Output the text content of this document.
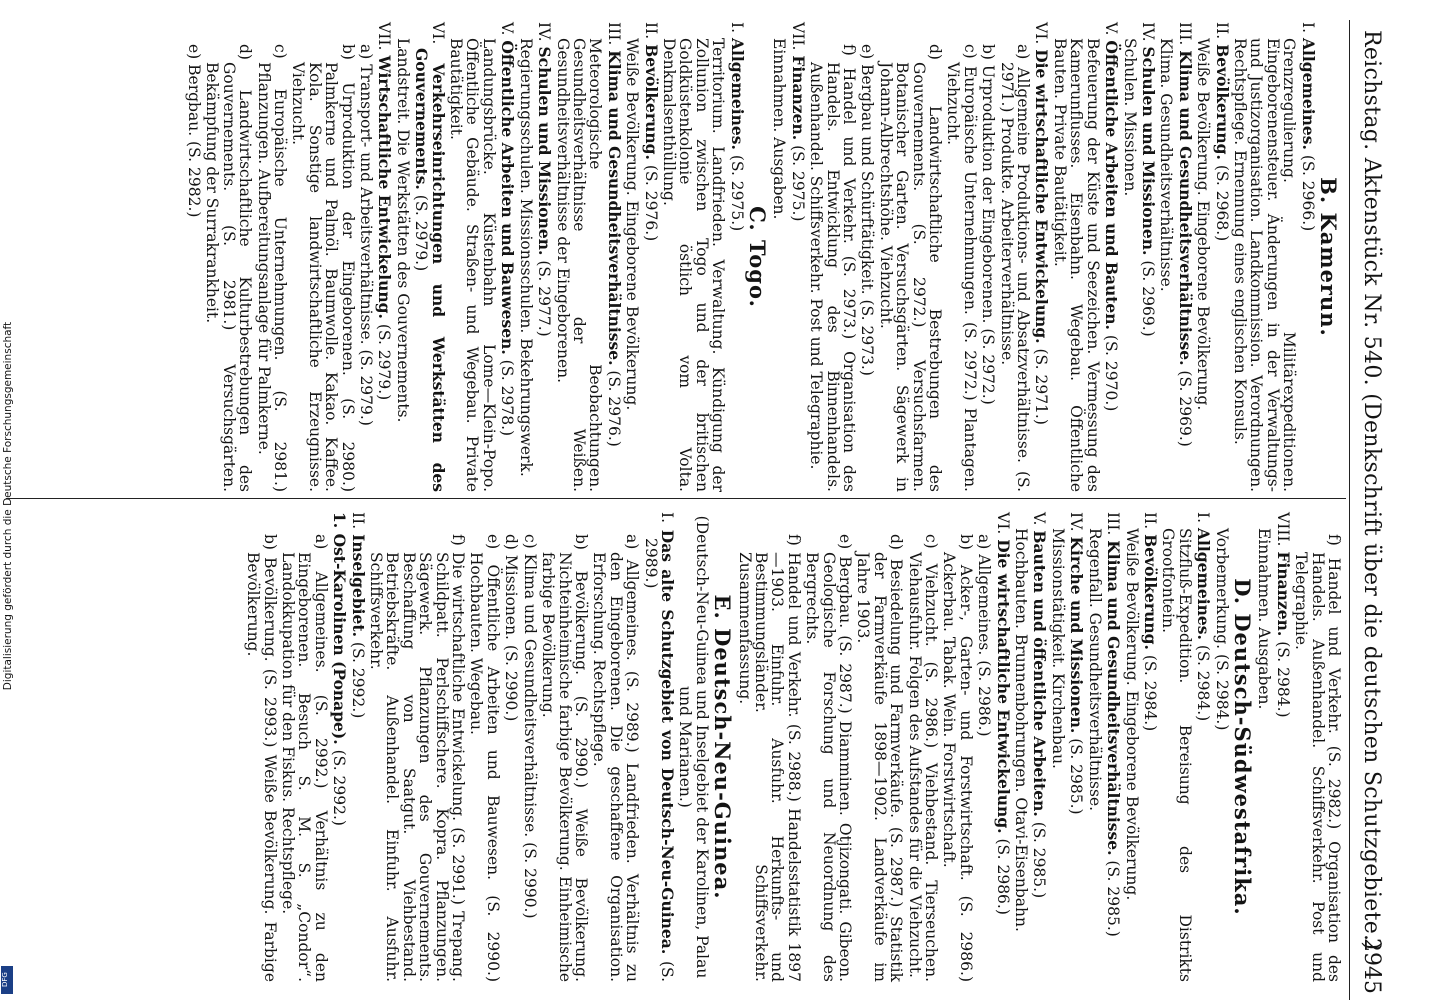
Reichstag. Aktenstück Nr. 540. (Denkschrift über die deutschen Schutzgebiete.)
2945
B. Kamerun.
I. Allgemeines. (S. 2966.)
Grenzregulierung. Militärexpeditionen. Eingeborenensteuer. Änderungen in der Verwaltungs- und Justizorganisation. Landkommission. Verordnungen. Rechtspflege. Ernennung eines englischen Konsuls.
II. Bevölkerung. (S. 2968.)
Weiße Bevölkerung. Eingeborene Bevölkerung.
III. Klima und Gesundheitsverhältnisse. (S. 2969.)
Klima. Gesundheitsverhältnisse.
IV. Schulen und Missionen. (S. 2969.)
Schulen. Missionen.
V. Öffentliche Arbeiten und Bauten. (S. 2970.)
Befeuerung der Küste und Seezeichen. Vermessung des Kamerunflusses. Eisenbahn. Wegebau. Öffentliche Bauten. Private Bautätigkeit.
VI. Die wirtschaftliche Entwickelung. (S. 2971.)
a) Allgemeine Produktions- und Absatzverhältnisse. (S. 2971.) Produkte. Arbeiterverhältnisse.
b) Urproduktion der Eingeborenen. (S. 2972.)
c) Europäische Unternehmungen. (S. 2972.) Plantagen. Viehzucht.
d) Landwirtschaftliche Bestrebungen des Gouvernements. (S. 2972.) Versuchsfarmen. Botanischer Garten. Versuchsgärten. Sägewerk in Johann-Albrechtshöhe. Viehzucht.
e) Bergbau und Schürftätigkeit. (S. 2973.)
f) Handel und Verkehr. (S. 2973.) Organisation des Handels. Entwicklung des Binnenhandels. Außenhandel. Schiffsverkehr. Post und Telegraphie.
VII. Finanzen. (S. 2975.)
Einnahmen. Ausgaben.
C. Togo.
I. Allgemeines. (S. 2975.)
Territorium. Landfrieden. Verwaltung. Kündigung der Zollunion zwischen Togo und der britischen Goldküstenkolonie östlich vom Volta. Denkmalsenthüllung.
II. Bevölkerung. (S. 2976.)
Weiße Bevölkerung. Eingeborene Bevölkerung.
III. Klima und Gesundheitsverhältnisse. (S. 2976.)
Meteorologische Beobachtungen. Gesundheitsverhältnisse der Weißen. Gesundheitsverhältnisse der Eingeborenen.
IV. Schulen und Missionen. (S. 2977.)
Regierungsschulen. Missionsschulen. Bekehrungswerk.
V. Öffentliche Arbeiten und Bauwesen. (S. 2978.)
Landungsbrücke. Küstenbahn Lome—Klein-Popo. Öffentliche Gebäude. Straßen- und Wegebau. Private Bautätigkeit.
VI. Verkehrseinrichtungen und Werkstätten des Gouvernements. (S. 2979.)
Landstreit. Die Werkstätten des Gouvernements.
VII. Wirtschaftliche Entwickelung. (S. 2979.)
a) Transport- und Arbeitsverhältnisse. (S. 2979.)
b) Urproduktion der Eingeborenen. (S. 2980.) Palmkerne und Palmöl. Baumwolle. Kakao. Kaffee. Kola. Sonstige landwirtschaftliche Erzeugnisse. Viehzucht.
c) Europäische Unternehmungen. (S. 2981.) Pflanzungen. Aufbereitungsanlage für Palmkerne.
d) Landwirtschaftliche Kulturbestrebungen des Gouvernements. (S. 2981.) Versuchsgärten. Bekämpfung der Surrakrankheit.
e) Bergbau. (S. 2982.)
f) Handel und Verkehr. (S. 2982.) Organisation des Handels. Außenhandel. Schiffsverkehr. Post und Telegraphie.
VIII. Finanzen. (S. 2984.)
Einnahmen. Ausgaben.
D. Deutsch-Südwestafrika.
Vorbemerkung. (S. 2984.)
I. Allgemeines. (S. 2984.)
Sitzfluß-Expedition. Bereisung des Distrikts Grootfontein.
II. Bevölkerung. (S. 2984.)
Weiße Bevölkerung. Eingeborene Bevölkerung.
III. Klima und Gesundheitsverhältnisse. (S. 2985.)
Regenfall. Gesundheitsverhältnisse.
IV. Kirche und Missionen. (S. 2985.)
Missionstätigkeit. Kirchenbau.
V. Bauten und öffentliche Arbeiten. (S. 2985.)
Hochbauten. Brunnenbohrungen. Otavi-Eisenbahn.
VI. Die wirtschaftliche Entwickelung. (S. 2986.)
a) Allgemeines. (S. 2986.)
b) Acker-, Garten- und Forstwirtschaft. (S. 2986.) Ackerbau. Tabak. Wein. Forstwirtschaft.
c) Viehzucht. (S. 2986.) Viehbestand. Tierseuchen. Viehausfuhr. Folgen des Aufstandes für die Viehzucht.
d) Besiedelung und Farmverkäufe. (S. 2987.) Statistik der Farmverkäufe 1898—1902. Landverkäufe im Jahre 1903.
e) Bergbau. (S. 2987.) Diamminen. Otjizongati. Gibeon. Geologische Forschung und Neuordnung des Bergrechts.
f) Handel und Verkehr. (S. 2988.) Handelsstatistik 1897—1903. Einfuhr. Ausfuhr. Herkunfts- und Bestimmungsländer. Schiffsverkehr. Zusammenfassung.
E. Deutsch-Neu-Guinea.
(Deutsch-Neu-Guinea und Inselgebiet der Karolinen, Palau und Marianen.)
I. Das alte Schutzgebiet von Deutsch-Neu-Guinea. (S. 2989.)
a) Allgemeines. (S. 2989.) Landfrieden. Verhältnis zu den Eingeborenen. Die geschaffene Organisation. Erforschung. Rechtspflege.
b) Bevölkerung. (S. 2990.) Weiße Bevölkerung. Nichteinheimische farbige Bevölkerung. Einheimische farbige Bevölkerung.
c) Klima und Gesundheitsverhältnisse. (S. 2990.)
d) Missionen. (S. 2990.)
e) Öffentliche Arbeiten und Bauwesen. (S. 2990.) Hochbauten. Wegebau.
f) Die wirtschaftliche Entwickelung. (S. 2991.) Trepang. Schildpatt. Perlschiffschere. Kopra. Pflanzungen. Sägewerk. Pflanzungen des Gouvernements. Beschaffung von Saatgut. Viehbestand. Betriebskräfte. Außenhandel. Einfuhr. Ausfuhr. Schiffsverkehr.
II. Inselgebiet. (S. 2992.)
1. Ost-Karolinen (Ponape). (S. 2992.)
a) Allgemeines. (S. 2992.) Verhältnis zu den Eingeborenen. Besuch S. M. S. „Condor“. Landokkupation für den Fiskus. Rechtspflege.
b) Bevölkerung. (S. 2993.) Weiße Bevölkerung. Farbige Bevölkerung.
Digitalisierung gefördert durch die Deutsche Forschungsgemeinschaft
DFG
